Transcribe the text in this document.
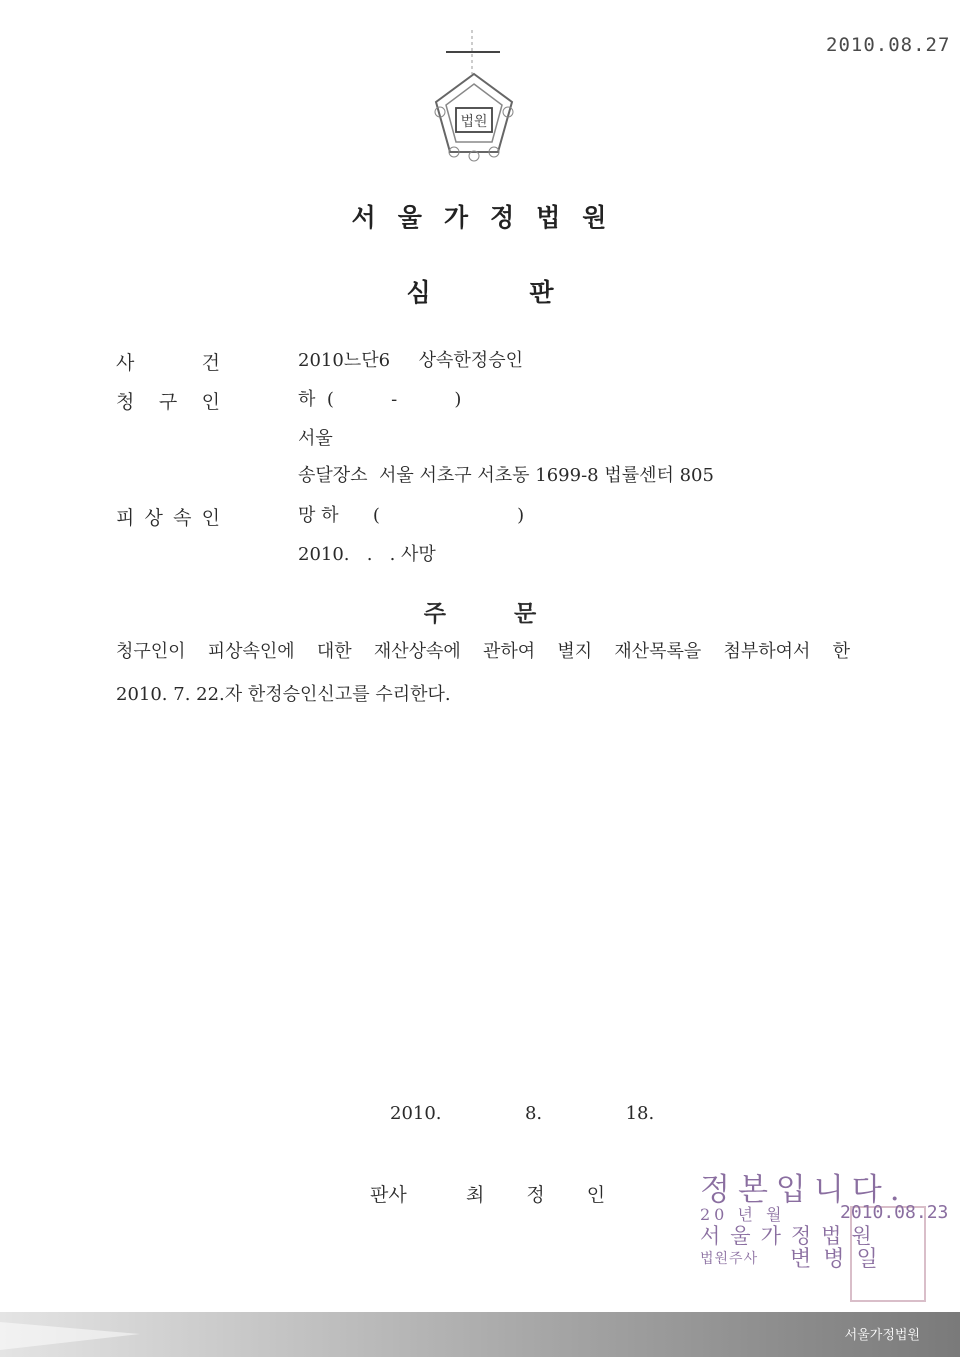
2010.08.27
법원
서울가정법원
심 판
사	건	2010느단6     상속한정승인
청 구 인	하  (          -          )
서울
송달장소  서울 서초구 서초동 1699-8 법률센터 805
피 상 속 인	망 하      (                        )
2010.   .   . 사망
주 문
청구인이 피상속인에 대한 재산상속에 관하여 별지 재산목록을 첨부하여서 한
2010. 7. 22.자 한정승인신고를 수리한다.
2010.  8.  18.
판사	최 정 인	정본입니다.
20 년 월	2010.08.23
서울가정법원
법원주사 변병일
서울가정법원
